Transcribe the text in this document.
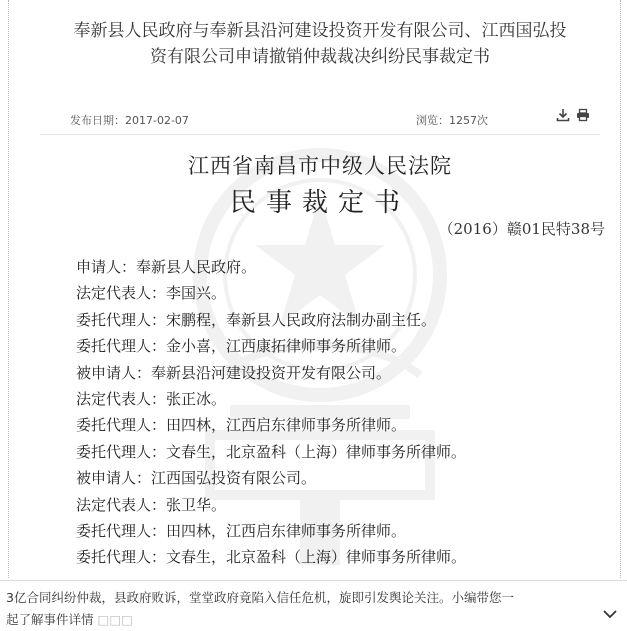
奉新县人民政府与奉新县沿河建设投资开发有限公司、江西国弘投
资有限公司申请撤销仲裁裁决纠纷民事裁定书
发布日期：2017-02-07	浏览：1257次
江西省南昌市中级人民法院
民事裁定书
（2016）赣01民特38号
申请人：奉新县人民政府。
法定代表人：李国兴。
委托代理人：宋鹏程，奉新县人民政府法制办副主任。
委托代理人：金小喜，江西康拓律师事务所律师。
被申请人：奉新县沿河建设投资开发有限公司。
法定代表人：张正冰。
委托代理人：田四林，江西启东律师事务所律师。
委托代理人：文春生，北京盈科（上海）律师事务所律师。
被申请人：江西国弘投资有限公司。
法定代表人：张卫华。
委托代理人：田四林，江西启东律师事务所律师。
委托代理人：文春生，北京盈科（上海）律师事务所律师。
3亿合同纠纷仲裁，县政府败诉，堂堂政府竟陷入信任危机，旋即引发舆论关注。小编带您一
起了解事件详情 □□□
